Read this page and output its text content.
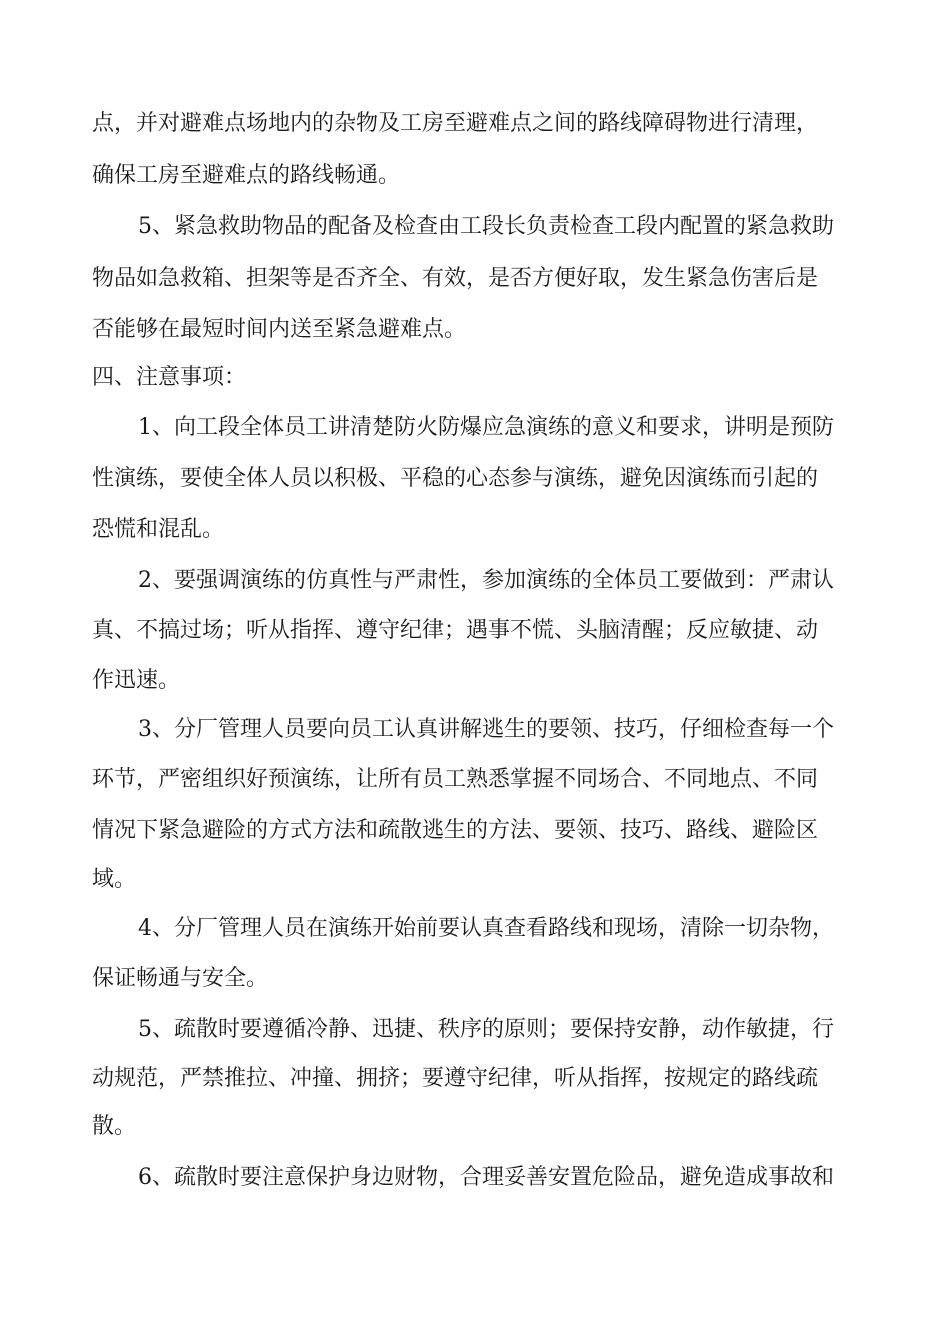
点，并对避难点场地内的杂物及工房至避难点之间的路线障碍物进行清理，
确保工房至避难点的路线畅通。
5、紧急救助物品的配备及检查由工段长负责检查工段内配置的紧急救助
物品如急救箱、担架等是否齐全、有效，是否方便好取，发生紧急伤害后是
否能够在最短时间内送至紧急避难点。
四、注意事项：
1、向工段全体员工讲清楚防火防爆应急演练的意义和要求，讲明是预防
性演练，要使全体人员以积极、平稳的心态参与演练，避免因演练而引起的
恐慌和混乱。
2、要强调演练的仿真性与严肃性，参加演练的全体员工要做到：严肃认
真、不搞过场；听从指挥、遵守纪律；遇事不慌、头脑清醒；反应敏捷、动
作迅速。
3、分厂管理人员要向员工认真讲解逃生的要领、技巧，仔细检查每一个
环节，严密组织好预演练，让所有员工熟悉掌握不同场合、不同地点、不同
情况下紧急避险的方式方法和疏散逃生的方法、要领、技巧、路线、避险区
域。
4、分厂管理人员在演练开始前要认真查看路线和现场，清除一切杂物，
保证畅通与安全。
5、疏散时要遵循冷静、迅捷、秩序的原则；要保持安静，动作敏捷，行
动规范，严禁推拉、冲撞、拥挤；要遵守纪律，听从指挥，按规定的路线疏
散。
6、疏散时要注意保护身边财物，合理妥善安置危险品，避免造成事故和
